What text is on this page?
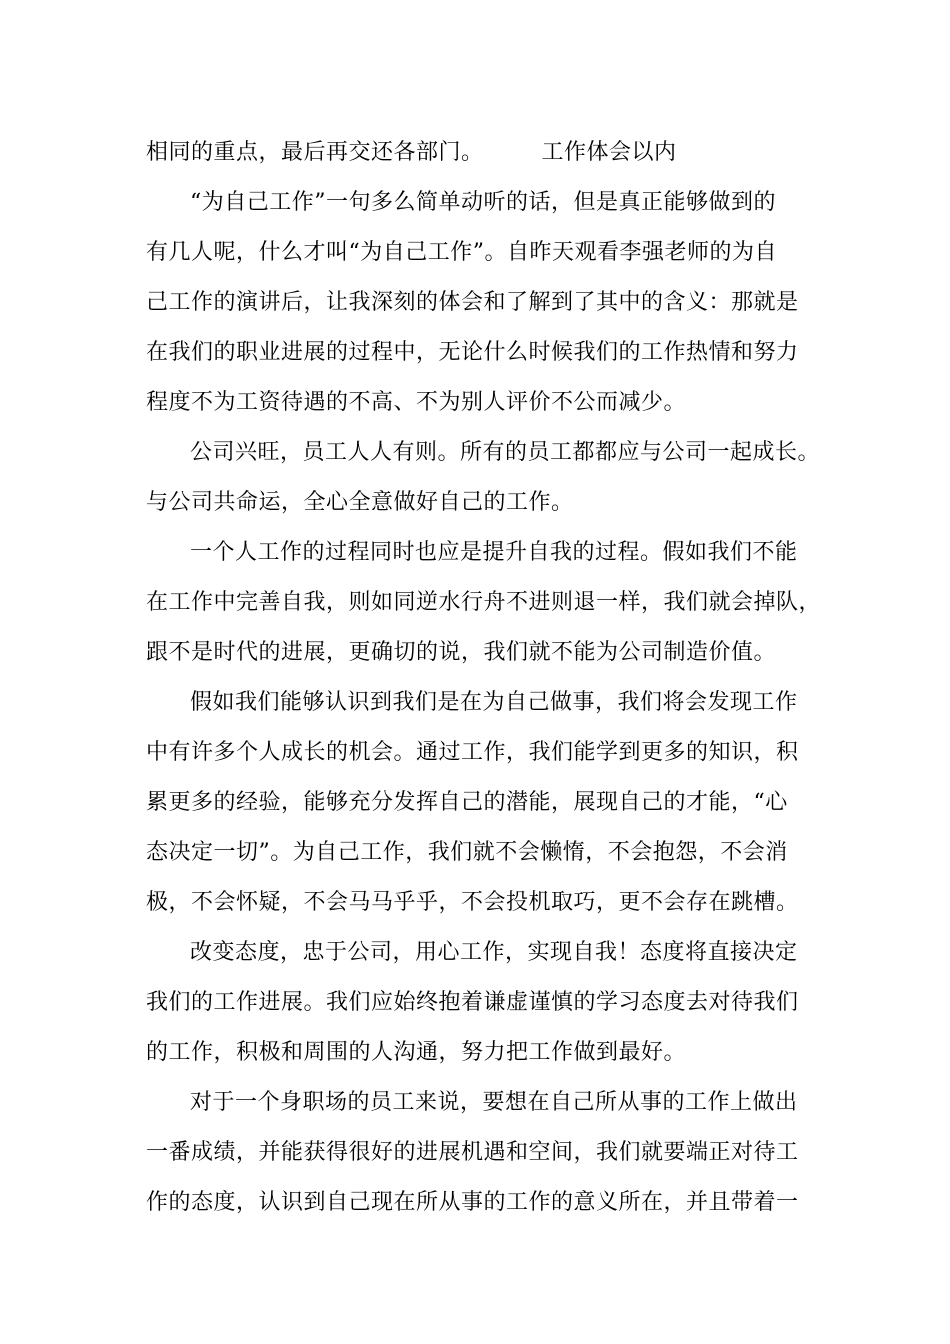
相同的重点，最后再交还各部门。	工作体会以内
“为自己工作”一句多么简单动听的话，但是真正能够做到的
有几人呢，什么才叫“为自己工作”。自昨天观看李强老师的为自
己工作的演讲后，让我深刻的体会和了解到了其中的含义：那就是
在我们的职业进展的过程中，无论什么时候我们的工作热情和努力
程度不为工资待遇的不高、不为别人评价不公而减少。
公司兴旺，员工人人有则。所有的员工都都应与公司一起成长。
与公司共命运，全心全意做好自己的工作。
一个人工作的过程同时也应是提升自我的过程。假如我们不能
在工作中完善自我，则如同逆水行舟不进则退一样，我们就会掉队，
跟不是时代的进展，更确切的说，我们就不能为公司制造价值。
假如我们能够认识到我们是在为自己做事，我们将会发现工作
中有许多个人成长的机会。通过工作，我们能学到更多的知识，积
累更多的经验，能够充分发挥自己的潜能，展现自己的才能，“心
态决定一切”。为自己工作，我们就不会懒惰，不会抱怨，不会消
极，不会怀疑，不会马马乎乎，不会投机取巧，更不会存在跳槽。
改变态度，忠于公司，用心工作，实现自我！态度将直接决定
我们的工作进展。我们应始终抱着谦虚谨慎的学习态度去对待我们
的工作，积极和周围的人沟通，努力把工作做到最好。
对于一个身职场的员工来说，要想在自己所从事的工作上做出
一番成绩，并能获得很好的进展机遇和空间，我们就要端正对待工
作的态度，认识到自己现在所从事的工作的意义所在，并且带着一
